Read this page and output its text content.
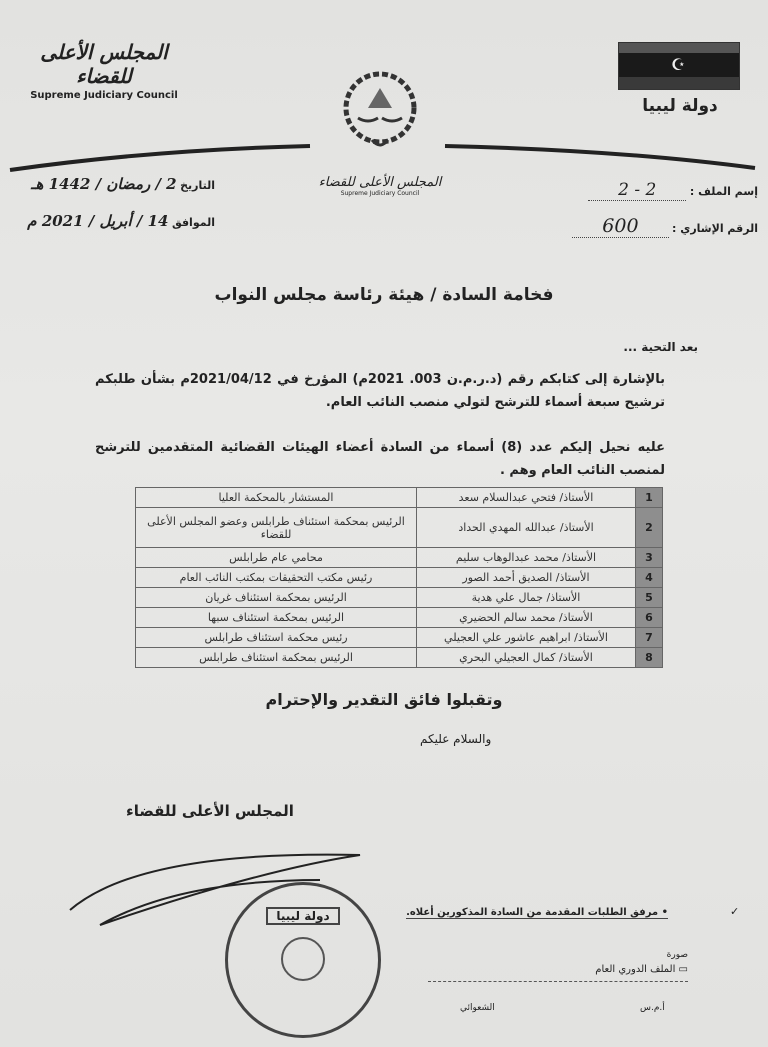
المجلس الأعلى للقضاء
Supreme Judiciary Council
☪
دولة ليبيا
المجلس الأعلى للقضاء
Supreme Judiciary Council	إسم الملف : 2 - 2
الرقم الإشاري : 600
التاريخ 2 / رمضان / 1442 هـ
الموافق 14 / أبريل / 2021 م
فخامة السادة / هيئة رئاسة مجلس النواب
بعد التحية ...
بالإشارة إلى كتابكم رقم (د.ر.م.ن 003. 2021م) المؤرخ في 2021/04/12م بشأن طلبكم ترشيح سبعة أسماء للترشح لتولي منصب النائب العام.
عليه نحيل إليكم عدد (8) أسماء من السادة أعضاء الهيئات القضائية المتقدمين للترشح لمنصب النائب العام وهم .
1	الأستاذ/ فتحي عبدالسلام سعد	المستشار بالمحكمة العليا
2	الأستاذ/ عبدالله المهدي الحداد	الرئيس بمحكمة استئناف طرابلس وعضو المجلس الأعلى للقضاء
3	الأستاذ/ محمد عبدالوهاب سليم	محامي عام طرابلس
4	الأستاذ/ الصديق أحمد الصور	رئيس مكتب التحقيقات بمكتب النائب العام
5	الأستاذ/ جمال علي هدية	الرئيس بمحكمة استئناف غريان
6	الأستاذ/ محمد سالم الحضيري	الرئيس بمحكمة استئناف سبها
7	الأستاذ/ ابراهيم عاشور علي العجيلي	رئيس محكمة استئناف طرابلس
8	الأستاذ/ كمال العجيلي البحري	الرئيس بمحكمة استئناف طرابلس
وتقبلوا فائق التقدير والإحترام
والسلام عليكم
المجلس الأعلى للقضاء
دولة ليبيا	• مرفق الطلبات المقدمة من السادة المذكورين أعلاه.	✓
صورة
▭ الملف الدوري العام
أ.م.س
الشعوائي
